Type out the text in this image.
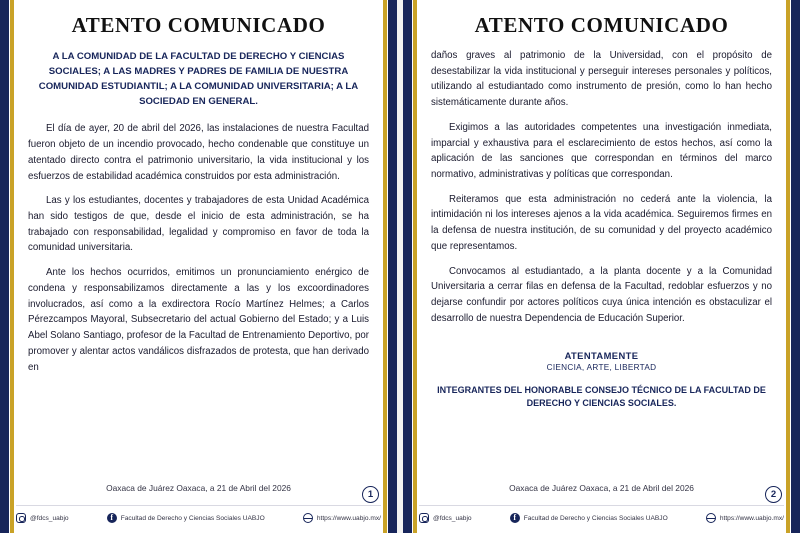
ATENTO COMUNICADO
A LA COMUNIDAD DE LA FACULTAD DE DERECHO Y CIENCIAS SOCIALES; A LAS MADRES Y PADRES DE FAMILIA DE NUESTRA COMUNIDAD ESTUDIANTIL; A LA COMUNIDAD UNIVERSITARIA; A LA SOCIEDAD EN GENERAL.

El día de ayer, 20 de abril del 2026, las instalaciones de nuestra Facultad fueron objeto de un incendio provocado, hecho condenable que constituye un atentado directo contra el patrimonio universitario, la vida institucional y los esfuerzos de estabilidad académica construidos por esta administración.

Las y los estudiantes, docentes y trabajadores de esta Unidad Académica han sido testigos de que, desde el inicio de esta administración, se ha trabajado con responsabilidad, legalidad y compromiso en favor de toda la comunidad universitaria.

Ante los hechos ocurridos, emitimos un pronunciamiento enérgico de condena y responsabilizamos directamente a las y los excoordinadores involucrados, así como a la exdirectora Rocío Martínez Helmes; a Carlos Pérezcampos Mayoral, Subsecretario del actual Gobierno del Estado; y a Luis Abel Solano Santiago, profesor de la Facultad de Entrenamiento Deportivo, por promover y alentar actos vandálicos disfrazados de protesta, que han derivado en

Oaxaca de Juárez Oaxaca, a 21 de Abril del 2026
1
@fdcs_uabjo	f	Facultad de Derecho y Ciencias Sociales UABJO	https://www.uabjo.mx/
ATENTO COMUNICADO

daños graves al patrimonio de la Universidad, con el propósito de desestabilizar la vida institucional y perseguir intereses personales y políticos, utilizando al estudiantado como instrumento de presión, como lo han hecho sistemáticamente durante años.

Exigimos a las autoridades competentes una investigación inmediata, imparcial y exhaustiva para el esclarecimiento de estos hechos, así como la aplicación de las sanciones que correspondan en términos del marco normativo, administrativas y políticas que correspondan.

Reiteramos que esta administración no cederá ante la violencia, la intimidación ni los intereses ajenos a la vida académica. Seguiremos firmes en la defensa de nuestra institución, de su comunidad y del proyecto académico que representamos.

Convocamos al estudiantado, a la planta docente y a la Comunidad Universitaria a cerrar filas en defensa de la Facultad, redoblar esfuerzos y no dejarse confundir por actores políticos cuya única intención es obstaculizar el desarrollo de nuestra Dependencia de Educación Superior.

ATENTAMENTE
CIENCIA, ARTE, LIBERTAD
INTEGRANTES DEL HONORABLE CONSEJO TÉCNICO DE LA FACULTAD DE DERECHO Y CIENCIAS SOCIALES.
Oaxaca de Juárez Oaxaca, a 21 de Abril del 2026
2
@fdcs_uabjo	f	Facultad de Derecho y Ciencias Sociales UABJO	https://www.uabjo.mx/
